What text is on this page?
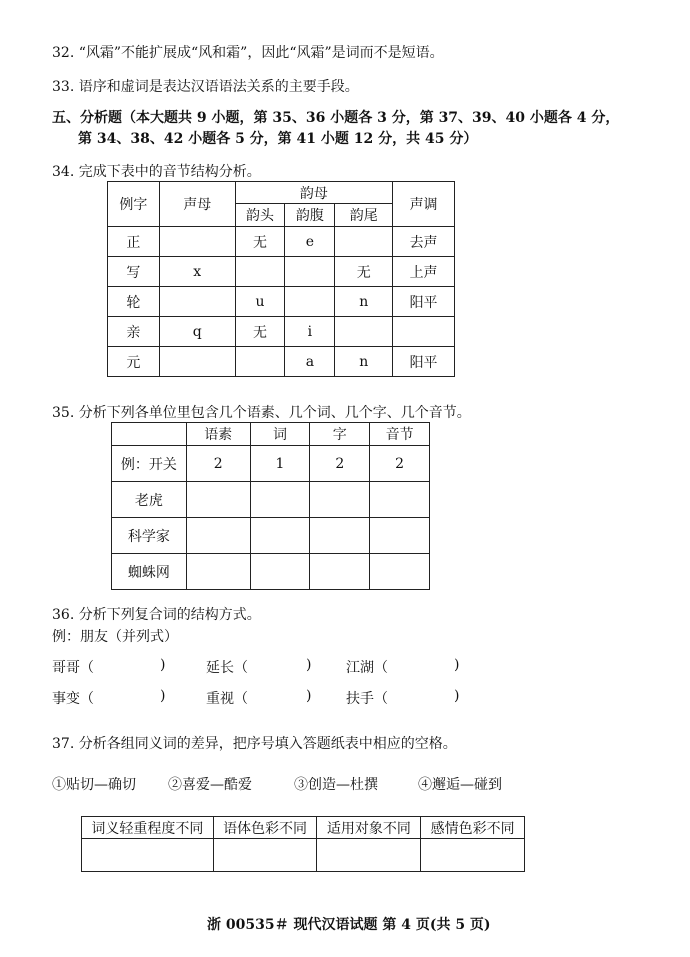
32. “风霜”不能扩展成“风和霜”，因此“风霜”是词而不是短语。
33. 语序和虚词是表达汉语语法关系的主要手段。
五、分析题（本大题共 9 小题，第 35、36 小题各 3 分，第 37、39、40 小题各 4 分，
第 34、38、42 小题各 5 分，第 41 小题 12 分，共 45 分）
34. 完成下表中的音节结构分析。
例字	声母	韵母			声调
		韵头	韵腹	韵尾	
正		无	e		去声
写	x			无	上声
轮		u		n	阳平
亲	q	无	i		
元			a	n	阳平
35. 分析下列各单位里包含几个语素、几个词、几个字、几个音节。
	语素	词	字	音节
例：开关	2	1	2	2
老虎				
科学家				
蜘蛛网				
36. 分析下列复合词的结构方式。
例：朋友（并列式）
哥哥（	)	延长（	) 江湖（	)
事变（	)	重视（	) 扶手（	)
37. 分析各组同义词的差异，把序号填入答题纸表中相应的空格。
①贴切—确切 ②喜爱—酷爱	③创造—杜撰	④邂逅—碰到
词义轻重程度不同	语体色彩不同	适用对象不同	感情色彩不同

浙 00535＃ 现代汉语试题 第 4 页(共 5 页)
